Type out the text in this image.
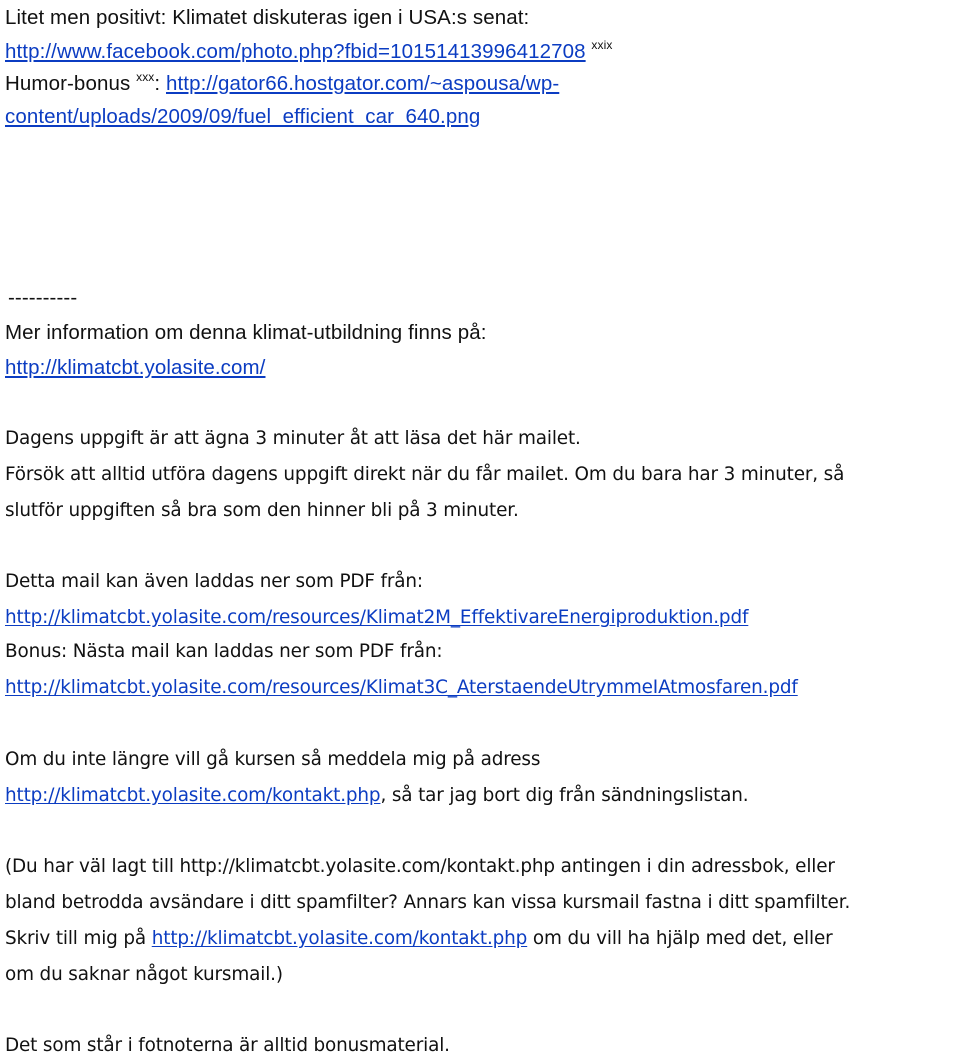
Litet men positivt: Klimatet diskuteras igen i USA:s senat:
http://www.facebook.com/photo.php?fbid=10151413996412708 $^{xxix}$
Humor-bonus $^{xxx}$: http://gator66.hostgator.com/~aspousa/wp-
content/uploads/2009/09/fuel_efficient_car_640.png
----------
Mer information om denna klimat-utbildning finns på:
http://klimatcbt.yolasite.com/
Dagens uppgift är att ägna 3 minuter åt att läsa det här mailet.
Försök att alltid utföra dagens uppgift direkt när du får mailet. Om du bara har 3 minuter, så
slutför uppgiften så bra som den hinner bli på 3 minuter.
Detta mail kan även laddas ner som PDF från:
http://klimatcbt.yolasite.com/resources/Klimat2M_EffektivareEnergiproduktion.pdf
Bonus: Nästa mail kan laddas ner som PDF från:
http://klimatcbt.yolasite.com/resources/Klimat3C_AterstaendeUtrymmeIAtmosfaren.pdf
Om du inte längre vill gå kursen så meddela mig på adress
http://klimatcbt.yolasite.com/kontakt.php, så tar jag bort dig från sändningslistan.
(Du har väl lagt till http://klimatcbt.yolasite.com/kontakt.php antingen i din adressbok, eller
bland betrodda avsändare i ditt spamfilter? Annars kan vissa kursmail fastna i ditt spamfilter.
Skriv till mig på http://klimatcbt.yolasite.com/kontakt.php om du vill ha hjälp med det, eller
om du saknar något kursmail.)
Det som står i fotnoterna är alltid bonusmaterial.
